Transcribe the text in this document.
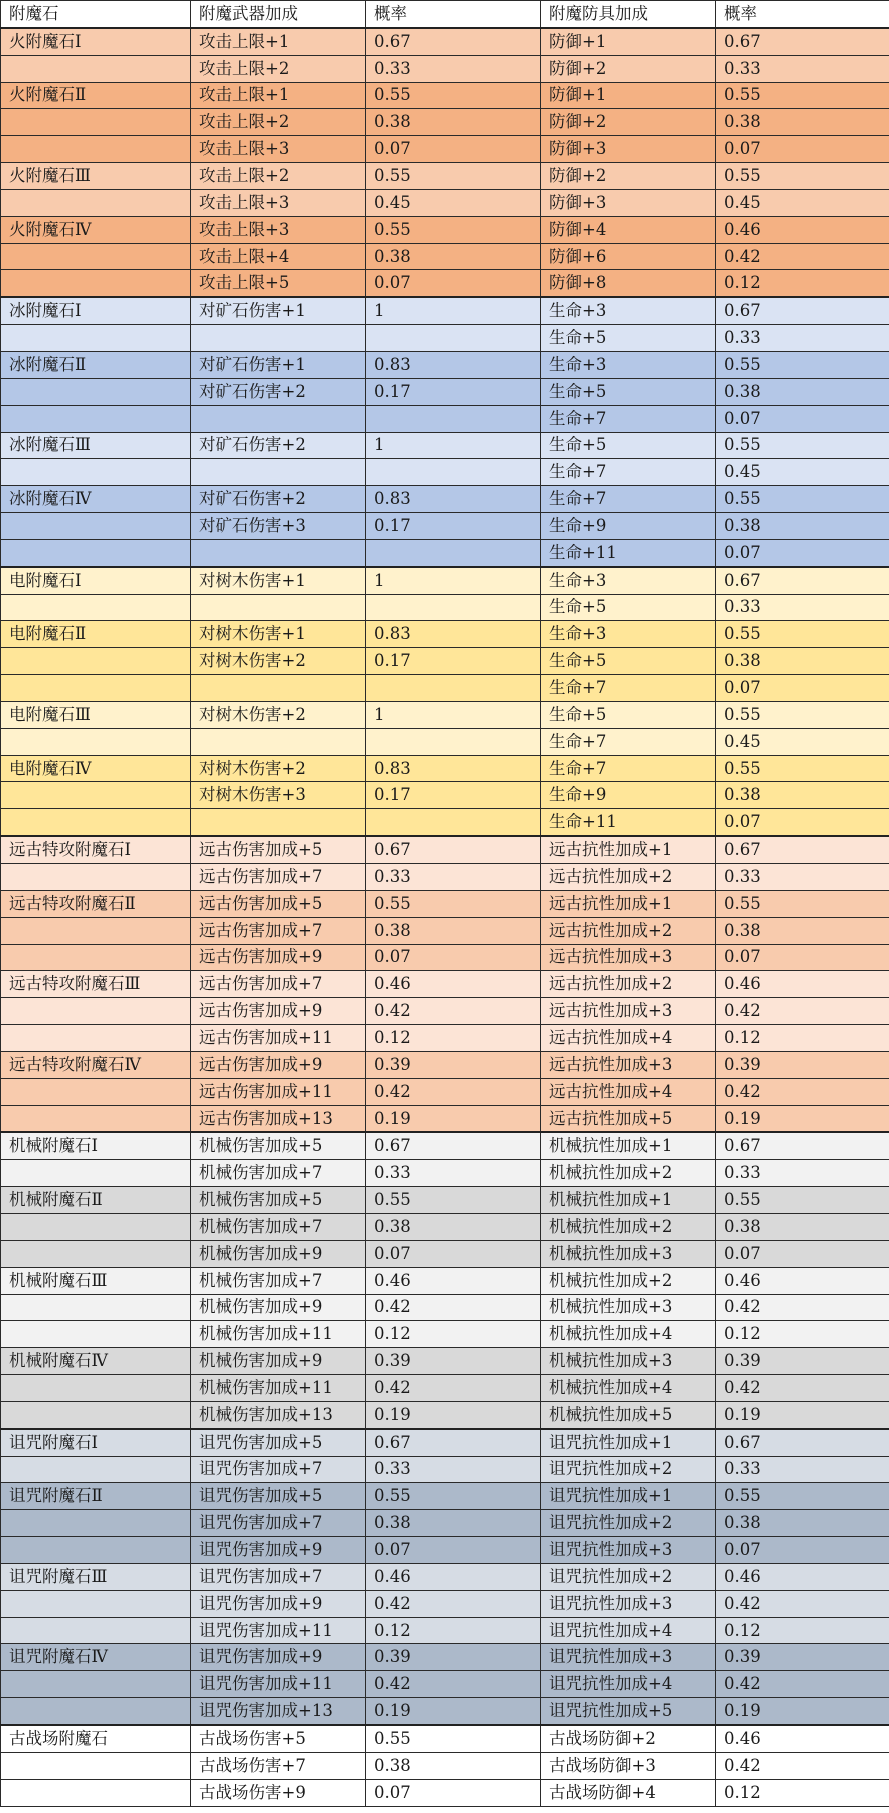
附魔石	附魔武器加成	概率	附魔防具加成	概率
火附魔石Ⅰ	攻击上限+1	0.67	防御+1	0.67
	攻击上限+2	0.33	防御+2	0.33
火附魔石Ⅱ	攻击上限+1	0.55	防御+1	0.55
	攻击上限+2	0.38	防御+2	0.38
	攻击上限+3	0.07	防御+3	0.07
火附魔石Ⅲ	攻击上限+2	0.55	防御+2	0.55
	攻击上限+3	0.45	防御+3	0.45
火附魔石Ⅳ	攻击上限+3	0.55	防御+4	0.46
	攻击上限+4	0.38	防御+6	0.42
	攻击上限+5	0.07	防御+8	0.12
冰附魔石Ⅰ	对矿石伤害+1	1	生命+3	0.67
			生命+5	0.33
冰附魔石Ⅱ	对矿石伤害+1	0.83	生命+3	0.55
	对矿石伤害+2	0.17	生命+5	0.38
			生命+7	0.07
冰附魔石Ⅲ	对矿石伤害+2	1	生命+5	0.55
			生命+7	0.45
冰附魔石Ⅳ	对矿石伤害+2	0.83	生命+7	0.55
	对矿石伤害+3	0.17	生命+9	0.38
			生命+11	0.07
电附魔石Ⅰ	对树木伤害+1	1	生命+3	0.67
			生命+5	0.33
电附魔石Ⅱ	对树木伤害+1	0.83	生命+3	0.55
	对树木伤害+2	0.17	生命+5	0.38
			生命+7	0.07
电附魔石Ⅲ	对树木伤害+2	1	生命+5	0.55
			生命+7	0.45
电附魔石Ⅳ	对树木伤害+2	0.83	生命+7	0.55
	对树木伤害+3	0.17	生命+9	0.38
			生命+11	0.07
远古特攻附魔石Ⅰ	远古伤害加成+5	0.67	远古抗性加成+1	0.67
	远古伤害加成+7	0.33	远古抗性加成+2	0.33
远古特攻附魔石Ⅱ	远古伤害加成+5	0.55	远古抗性加成+1	0.55
	远古伤害加成+7	0.38	远古抗性加成+2	0.38
	远古伤害加成+9	0.07	远古抗性加成+3	0.07
远古特攻附魔石Ⅲ	远古伤害加成+7	0.46	远古抗性加成+2	0.46
	远古伤害加成+9	0.42	远古抗性加成+3	0.42
	远古伤害加成+11	0.12	远古抗性加成+4	0.12
远古特攻附魔石Ⅳ	远古伤害加成+9	0.39	远古抗性加成+3	0.39
	远古伤害加成+11	0.42	远古抗性加成+4	0.42
	远古伤害加成+13	0.19	远古抗性加成+5	0.19
机械附魔石Ⅰ	机械伤害加成+5	0.67	机械抗性加成+1	0.67
	机械伤害加成+7	0.33	机械抗性加成+2	0.33
机械附魔石Ⅱ	机械伤害加成+5	0.55	机械抗性加成+1	0.55
	机械伤害加成+7	0.38	机械抗性加成+2	0.38
	机械伤害加成+9	0.07	机械抗性加成+3	0.07
机械附魔石Ⅲ	机械伤害加成+7	0.46	机械抗性加成+2	0.46
	机械伤害加成+9	0.42	机械抗性加成+3	0.42
	机械伤害加成+11	0.12	机械抗性加成+4	0.12
机械附魔石Ⅳ	机械伤害加成+9	0.39	机械抗性加成+3	0.39
	机械伤害加成+11	0.42	机械抗性加成+4	0.42
	机械伤害加成+13	0.19	机械抗性加成+5	0.19
诅咒附魔石Ⅰ	诅咒伤害加成+5	0.67	诅咒抗性加成+1	0.67
	诅咒伤害加成+7	0.33	诅咒抗性加成+2	0.33
诅咒附魔石Ⅱ	诅咒伤害加成+5	0.55	诅咒抗性加成+1	0.55
	诅咒伤害加成+7	0.38	诅咒抗性加成+2	0.38
	诅咒伤害加成+9	0.07	诅咒抗性加成+3	0.07
诅咒附魔石Ⅲ	诅咒伤害加成+7	0.46	诅咒抗性加成+2	0.46
	诅咒伤害加成+9	0.42	诅咒抗性加成+3	0.42
	诅咒伤害加成+11	0.12	诅咒抗性加成+4	0.12
诅咒附魔石Ⅳ	诅咒伤害加成+9	0.39	诅咒抗性加成+3	0.39
	诅咒伤害加成+11	0.42	诅咒抗性加成+4	0.42
	诅咒伤害加成+13	0.19	诅咒抗性加成+5	0.19
古战场附魔石	古战场伤害+5	0.55	古战场防御+2	0.46
	古战场伤害+7	0.38	古战场防御+3	0.42
	古战场伤害+9	0.07	古战场防御+4	0.12
